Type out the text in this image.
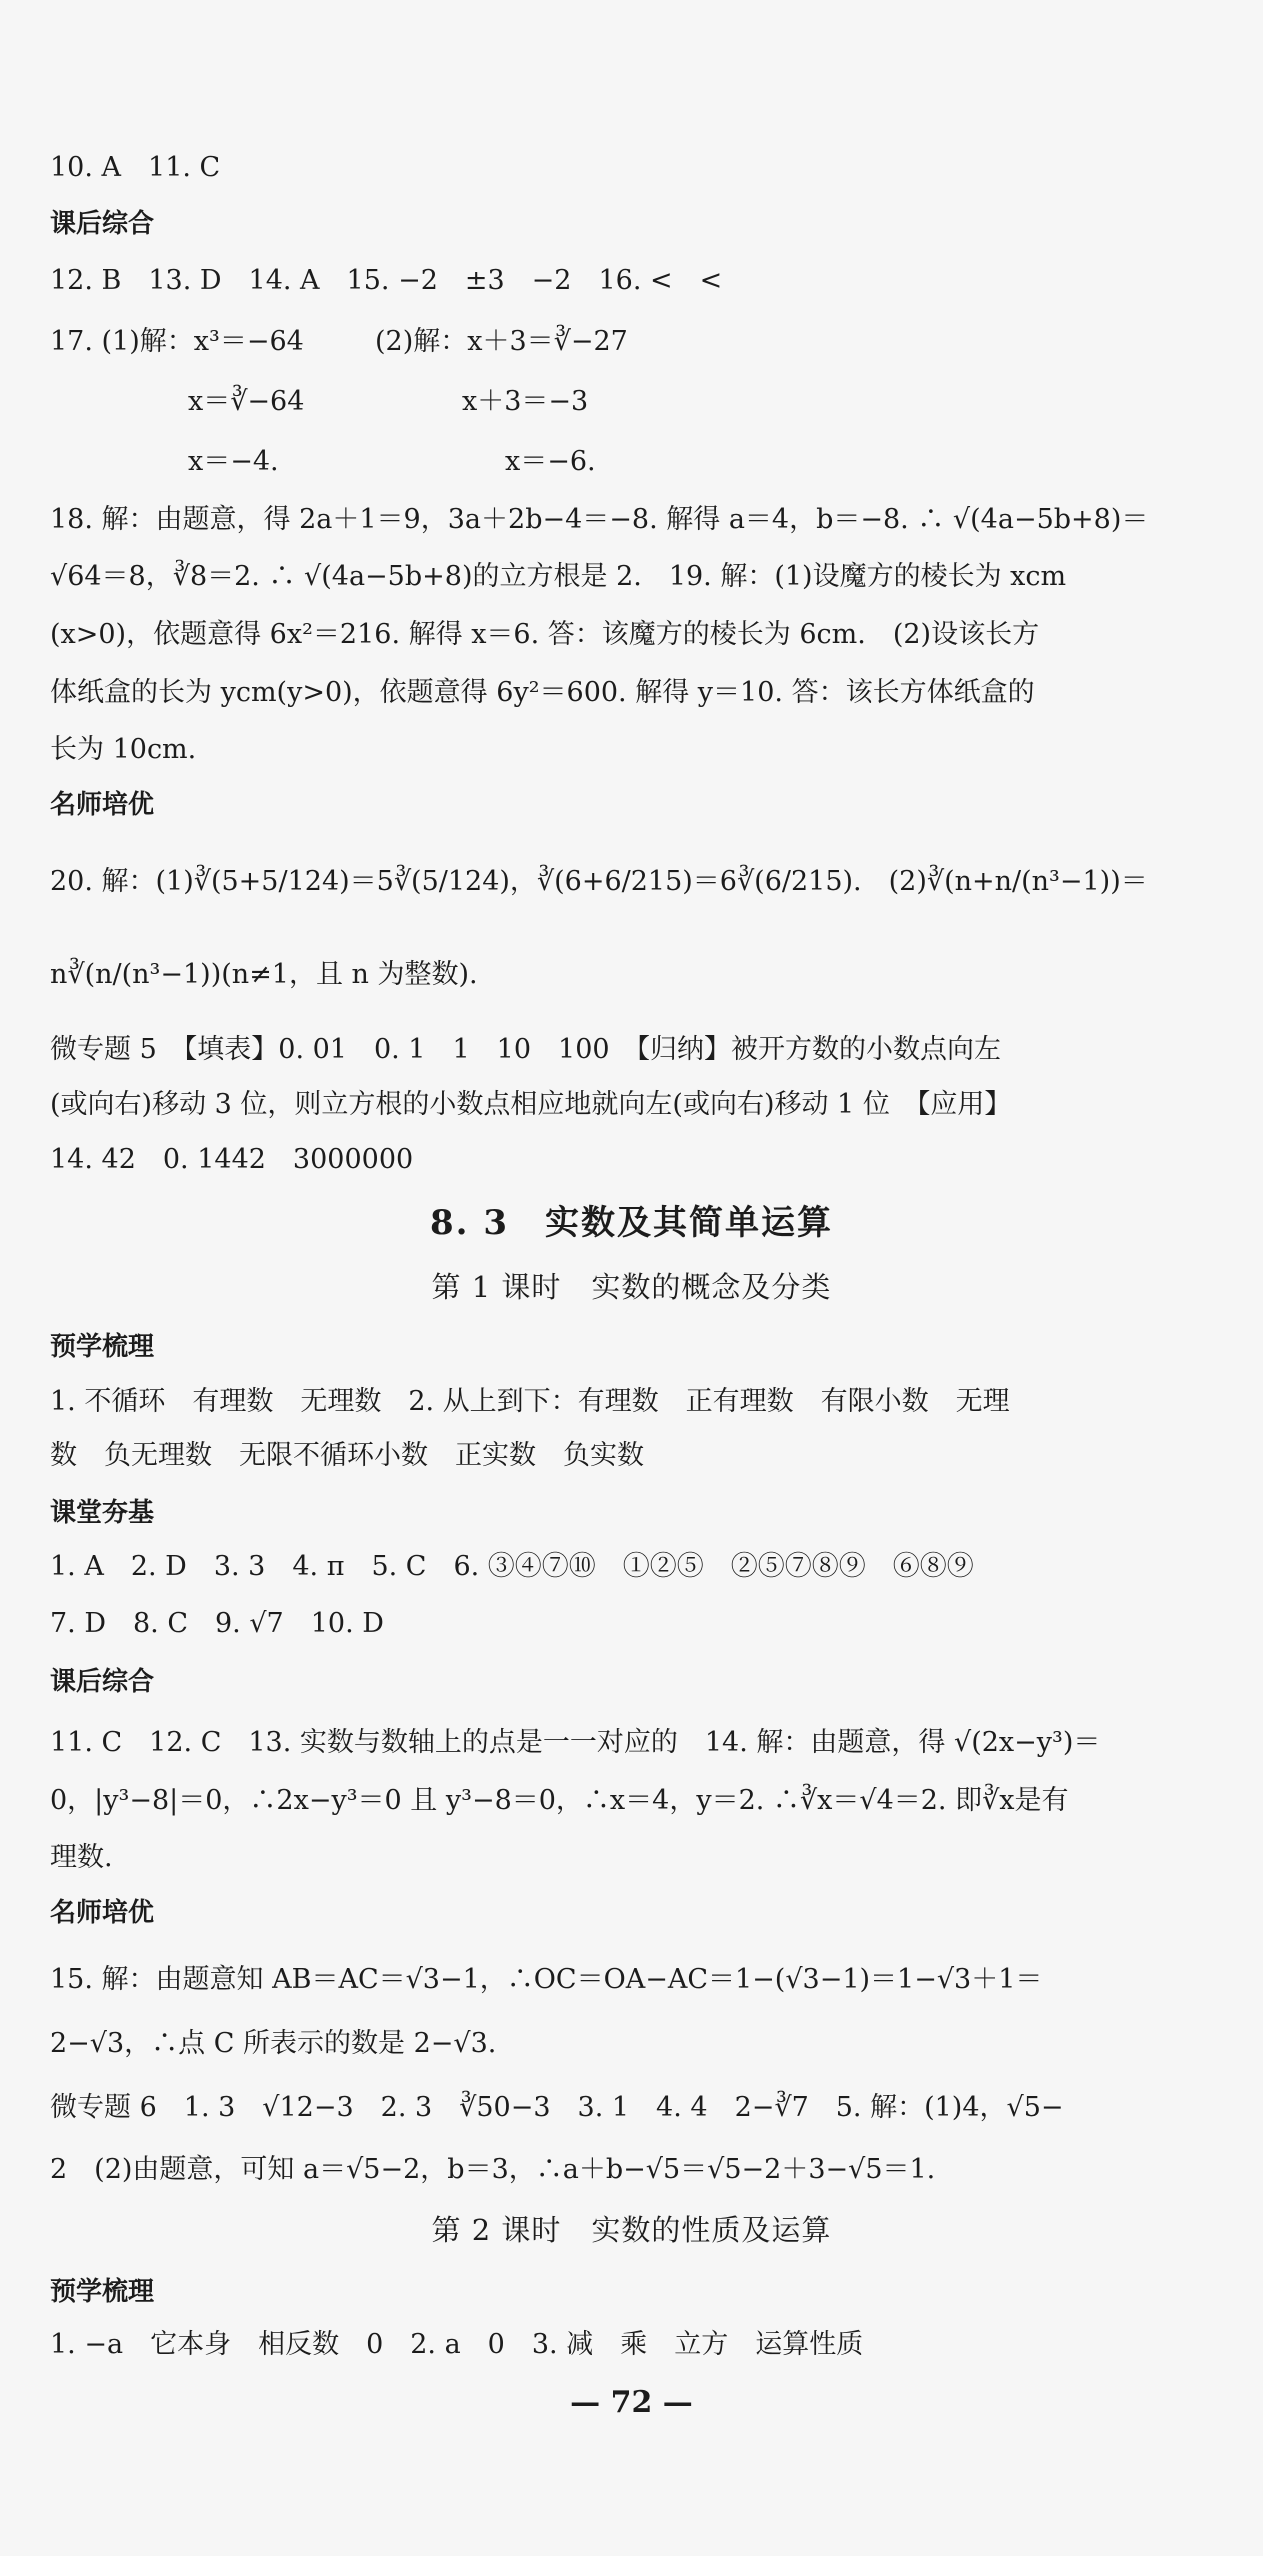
10. A　11. C
课后综合
12. B　13. D　14. A　15. −2　±3　−2　16. <　<
17. (1)解：x³＝−64	(2)解：x＋3＝∛−27
x＝∛−64	x＋3＝−3
x＝−4.	x＝−6.
18. 解：由题意，得 2a＋1＝9，3a＋2b−4＝−8. 解得 a＝4，b＝−8. ∴ √(4a−5b+8)＝
√64＝8，∛8＝2. ∴ √(4a−5b+8)的立方根是 2.　19. 解：(1)设魔方的棱长为 xcm
(x>0)，依题意得 6x²＝216. 解得 x＝6. 答：该魔方的棱长为 6cm.　(2)设该长方
体纸盒的长为 ycm(y>0)，依题意得 6y²＝600. 解得 y＝10. 答：该长方体纸盒的
长为 10cm.
名师培优
20. 解：(1)∛(5+5/124)＝5∛(5/124)，∛(6+6/215)＝6∛(6/215).　(2)∛(n+n/(n³−1))＝
n∛(n/(n³−1))(n≠1，且 n 为整数).
微专题 5　【填表】0. 01　0. 1　1　10　100　【归纳】被开方数的小数点向左
(或向右)移动 3 位，则立方根的小数点相应地就向左(或向右)移动 1 位　【应用】
14. 42　0. 1442　3000000
8. 3　实数及其简单运算
第 1 课时　实数的概念及分类
预学梳理
1. 不循环　有理数　无理数　2. 从上到下：有理数　正有理数　有限小数　无理
数　负无理数　无限不循环小数　正实数　负实数
课堂夯基
1. A　2. D　3. 3　4. π　5. C　6. ③④⑦⑩　①②⑤　②⑤⑦⑧⑨　⑥⑧⑨
7. D　8. C　9. √7　10. D
课后综合
11. C　12. C　13. 实数与数轴上的点是一一对应的　14. 解：由题意，得 √(2x−y³)＝
0，|y³−8|＝0，∴2x−y³＝0 且 y³−8＝0，∴x＝4，y＝2. ∴∛x＝√4＝2. 即∛x是有
理数.
名师培优
15. 解：由题意知 AB＝AC＝√3−1，∴OC＝OA−AC＝1−(√3−1)＝1−√3＋1＝
2−√3，∴点 C 所表示的数是 2−√3.
微专题 6　1. 3　√12−3　2. 3　∛50−3　3. 1　4. 4　2−∛7　5. 解：(1)4，√5−
2　(2)由题意，可知 a＝√5−2，b＝3，∴a＋b−√5＝√5−2＋3−√5＝1.
第 2 课时　实数的性质及运算
预学梳理
1. −a　它本身　相反数　0　2. a　0　3. 减　乘　立方　运算性质
— 72 —
